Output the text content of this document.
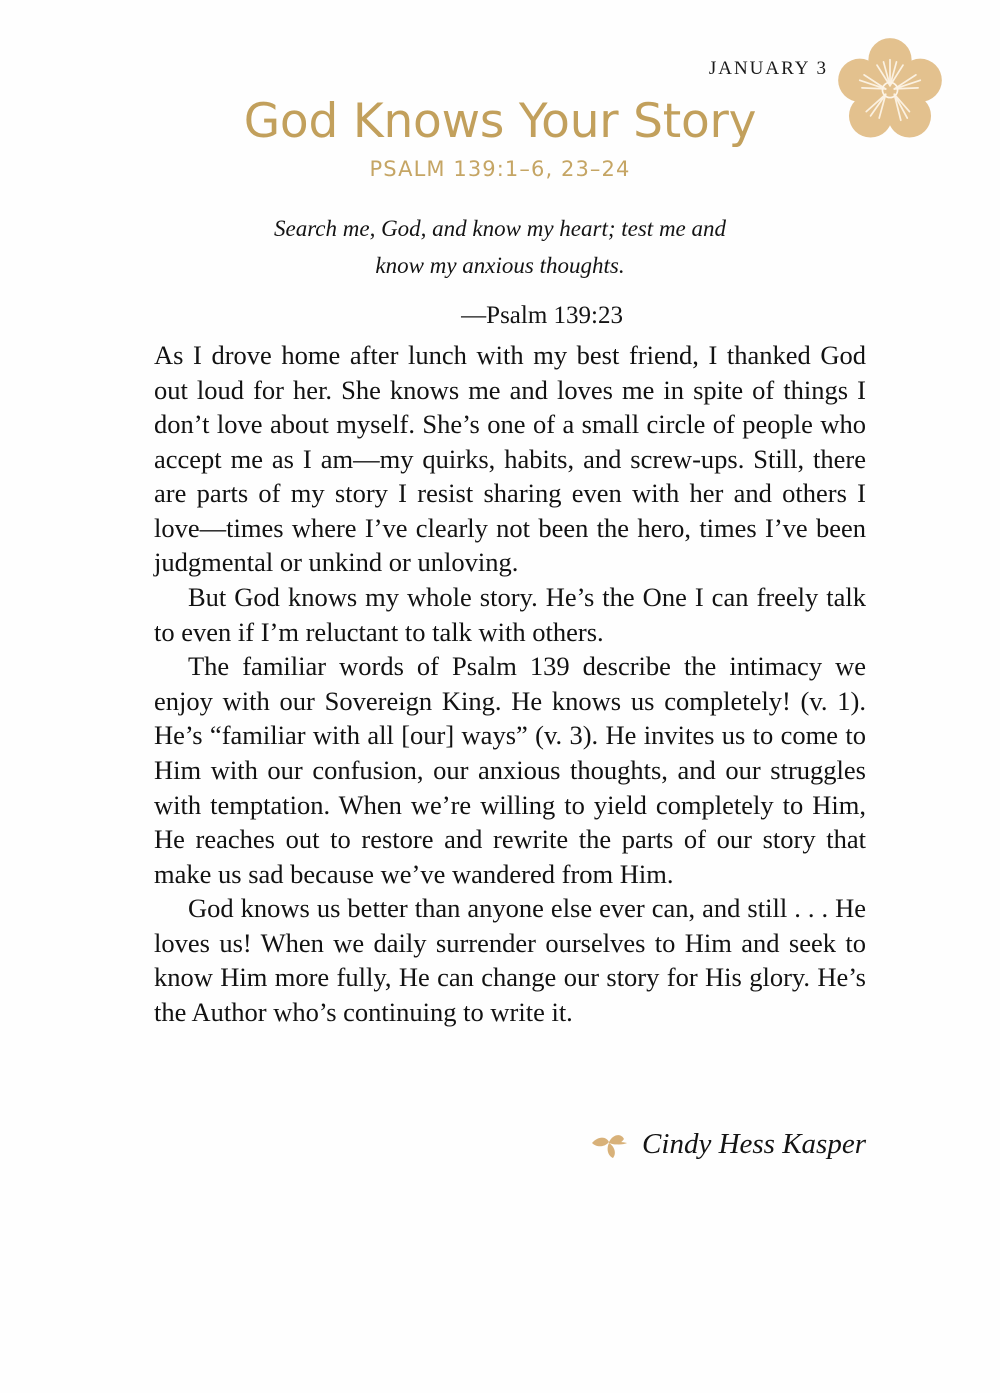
JANUARY 3
God Knows Your Story
PSALM 139:1–6, 23–24

Search me, God, and know my heart; test me and know my anxious thoughts.

—Psalm 139:23

As I drove home after lunch with my best friend, I thanked God out loud for her. She knows me and loves me in spite of things I don’t love about myself. She’s one of a small circle of people who accept me as I am—my quirks, habits, and screw-ups. Still, there are parts of my story I resist sharing even with her and others I love—times where I’ve clearly not been the hero, times I’ve been judgmental or unkind or unloving.

But God knows my whole story. He’s the One I can freely talk to even if I’m reluctant to talk with others.

The familiar words of Psalm 139 describe the intimacy we enjoy with our Sovereign King. He knows us completely! (v. 1). He’s “familiar with all [our] ways” (v. 3). He invites us to come to Him with our confusion, our anxious thoughts, and our struggles with temptation. When we’re willing to yield completely to Him, He reaches out to restore and rewrite the parts of our story that make us sad because we’ve wandered from Him.

God knows us better than anyone else ever can, and still . . . He loves us! When we daily surrender ourselves to Him and seek to know Him more fully, He can change our story for His glory. He’s the Author who’s continuing to write it.

Cindy Hess Kasper
